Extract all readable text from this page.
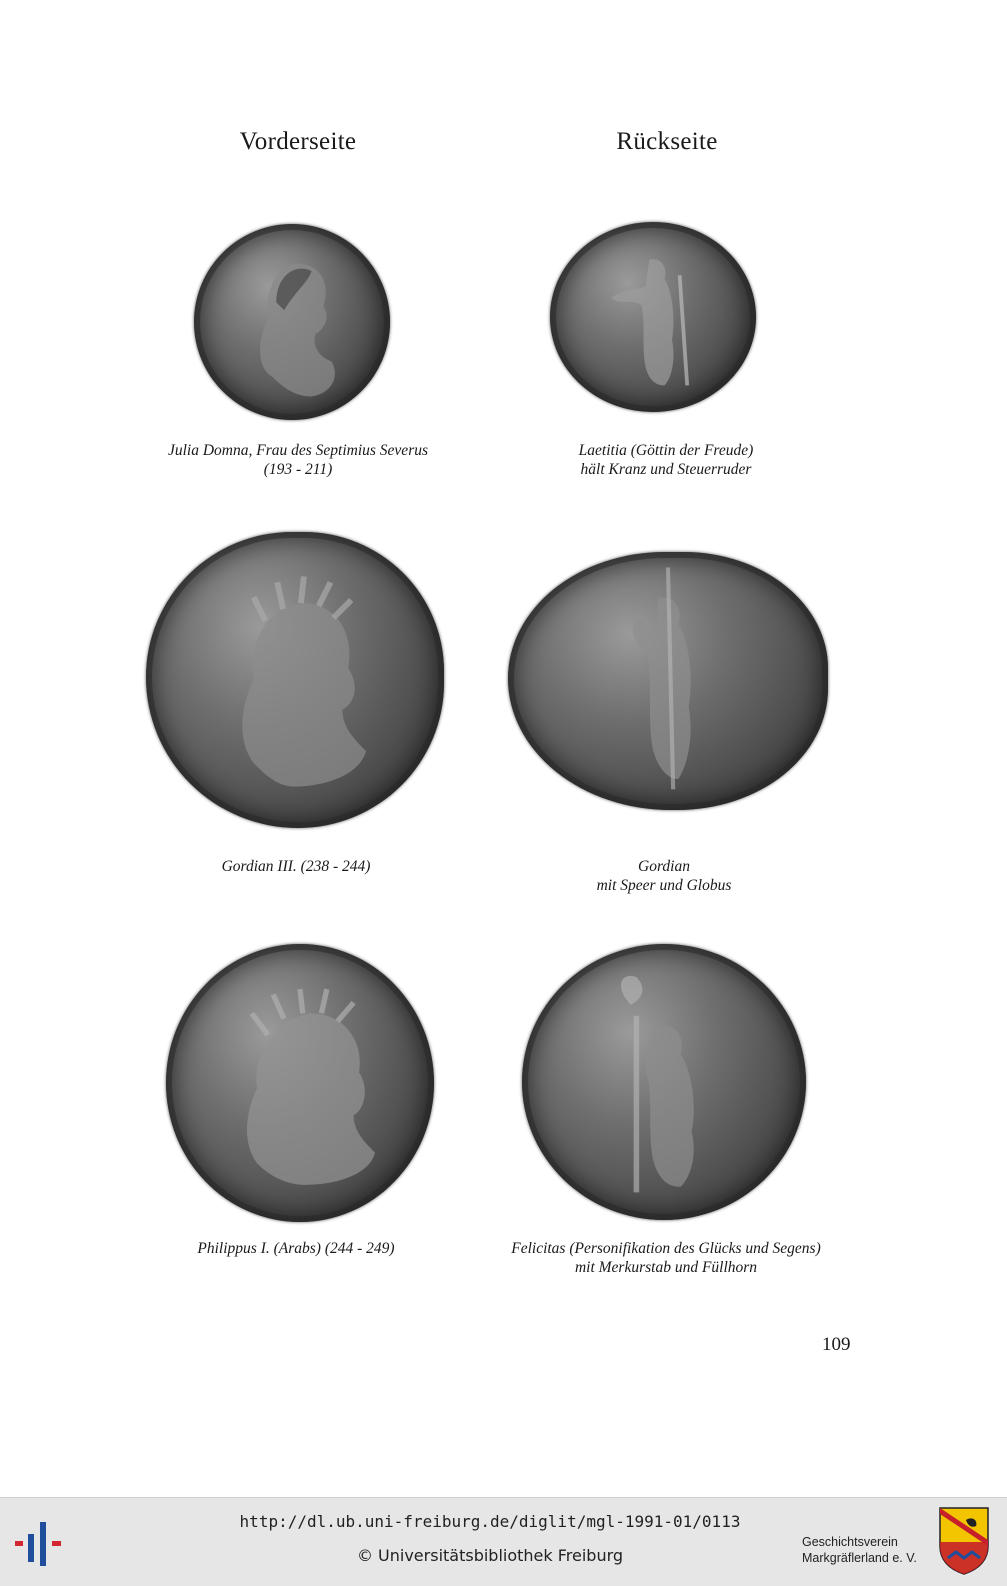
Vorderseite	Rückseite
Julia Domna, Frau des Septimius Severus
(193 - 211)
Laetitia (Göttin der Freude)
hält Kranz und Steuerruder
Gordian III. (238 - 244)	Gordian
mit Speer und Globus
Philippus I. (Arabs) (244 - 249)	Felicitas (Personifikation des Glücks und Segens)
mit Merkurstab und Füllhorn
109
http://dl.ub.uni-freiburg.de/diglit/mgl-1991-01/0113
© Universitätsbibliothek Freiburg
Geschichtsverein
Markgräflerland e. V.
